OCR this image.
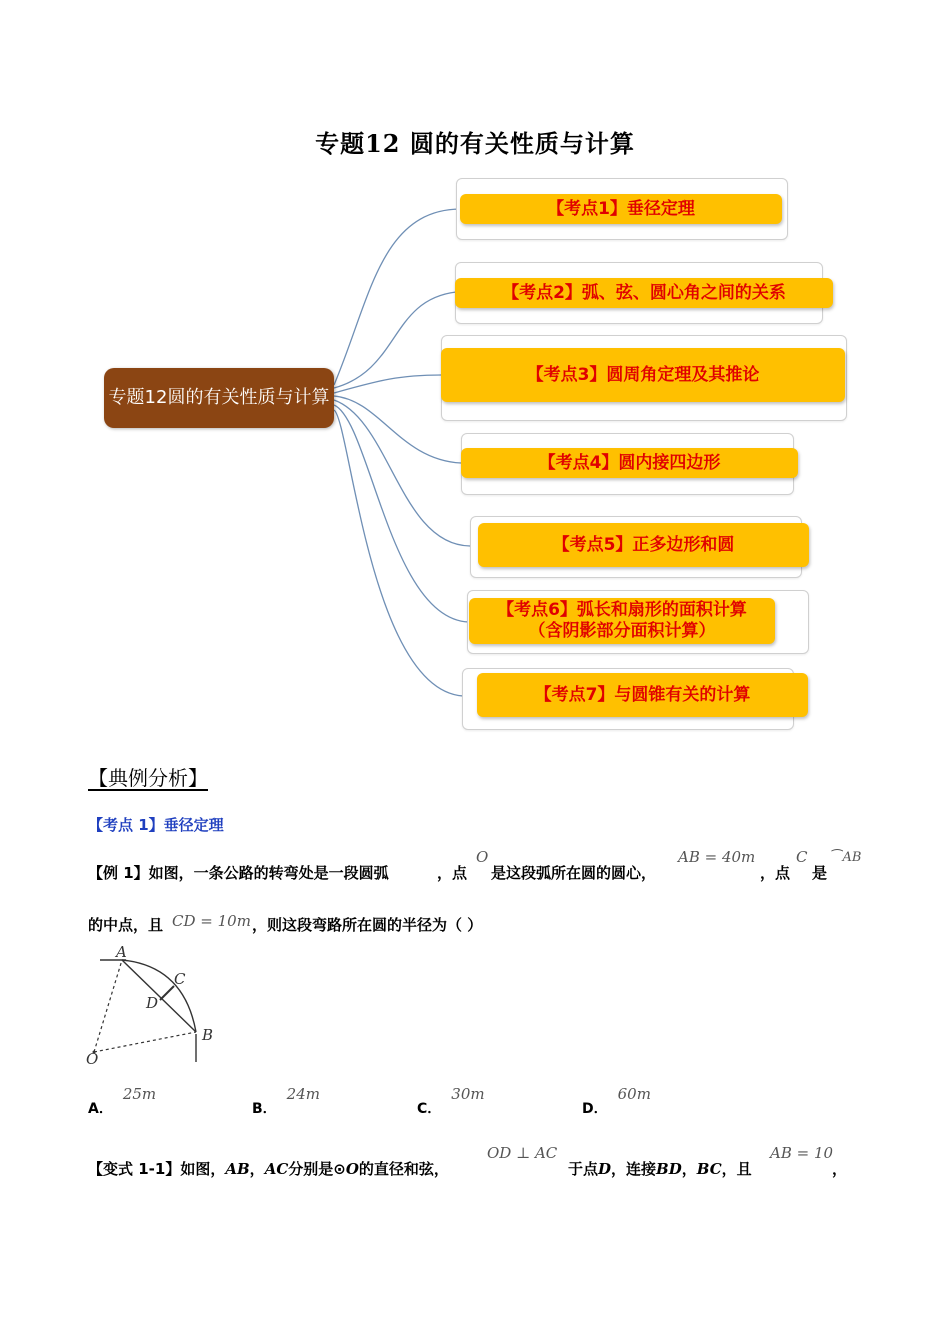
专题12 圆的有关性质与计算
专题12圆的有关性质与计算
【考点1】 垂径定理
【考点2】 弧、弦、圆心角之间的关系
【考点3】 圆周角定理及其推论
【考点4】 圆内接四边形
【考点5】 正多边形和圆
【考点6】弧长和扇形的面积计算
（含阴影部分面积计算）
【考点7】 与圆锥有关的计算
【典例分析】
【考点 1】垂径定理
【例 1】如图，一条公路的转弯处是一段圆弧	，点
O
是这段弧所在圆的圆心，
AB = 40m
，点
C
是
⁀AB
的中点，且 CD = 10m ，则这段弯路所在圆的半径为（ ）
A
C
D
B
O
A．25m
B．24m
C．30m
D．60m
【变式 1-1】如图，AB，AC分别是⊙O的直径和弦，
OD ⊥ AC
于点D，连接BD，BC，且
AB = 10
，
